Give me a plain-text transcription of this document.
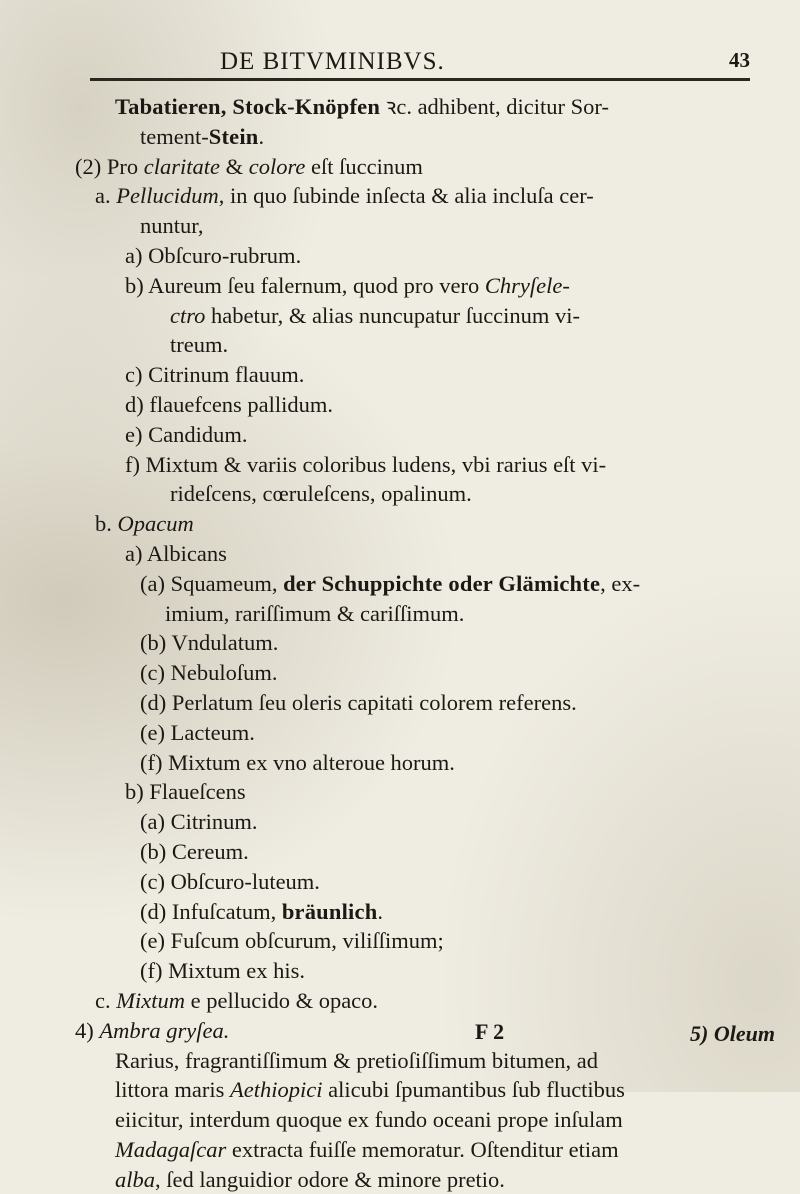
DE BITVMINIBVS.	43
Tabatieren, Stock-Knöpfen ꝛc. adhibent, dicitur Sor-
tement-Stein.
(2) Pro claritate & colore eſt ſuccinum
a. Pellucidum, in quo ſubinde inſecta & alia incluſa cer-
nuntur,
a) Obſcuro-rubrum.
b) Aureum ſeu falernum, quod pro vero Chryſele-
ctro habetur, & alias nuncupatur ſuccinum vi-
treum.
c) Citrinum flauum.
d) flauefcens pallidum.
e) Candidum.
f) Mixtum & variis coloribus ludens, vbi rarius eſt vi-
rideſcens, cœruleſcens, opalinum.
b. Opacum
a) Albicans
(a) Squameum, der Schuppichte oder Glämichte, ex-
imium, rariſſimum & cariſſimum.
(b) Vndulatum.
(c) Nebuloſum.
(d) Perlatum ſeu oleris capitati colorem referens.
(e) Lacteum.
(f) Mixtum ex vno alteroue horum.
b) Flaueſcens
(a) Citrinum.
(b) Cereum.
(c) Obſcuro-luteum.
(d) Infuſcatum, bräunlich.
(e) Fuſcum obſcurum, viliſſimum;
(f) Mixtum ex his.
c. Mixtum e pellucido & opaco.
4) Ambra gryſea.
Rarius, fragrantiſſimum & pretioſiſſimum bitumen, ad
littora maris Aethiopici alicubi ſpumantibus ſub fluctibus
eiicitur, interdum quoque ex fundo oceani prope inſulam
Madagaſcar extracta fuiſſe memoratur. Oſtenditur etiam
alba, ſed languidior odore & minore pretio.
F 2	5) Oleum
